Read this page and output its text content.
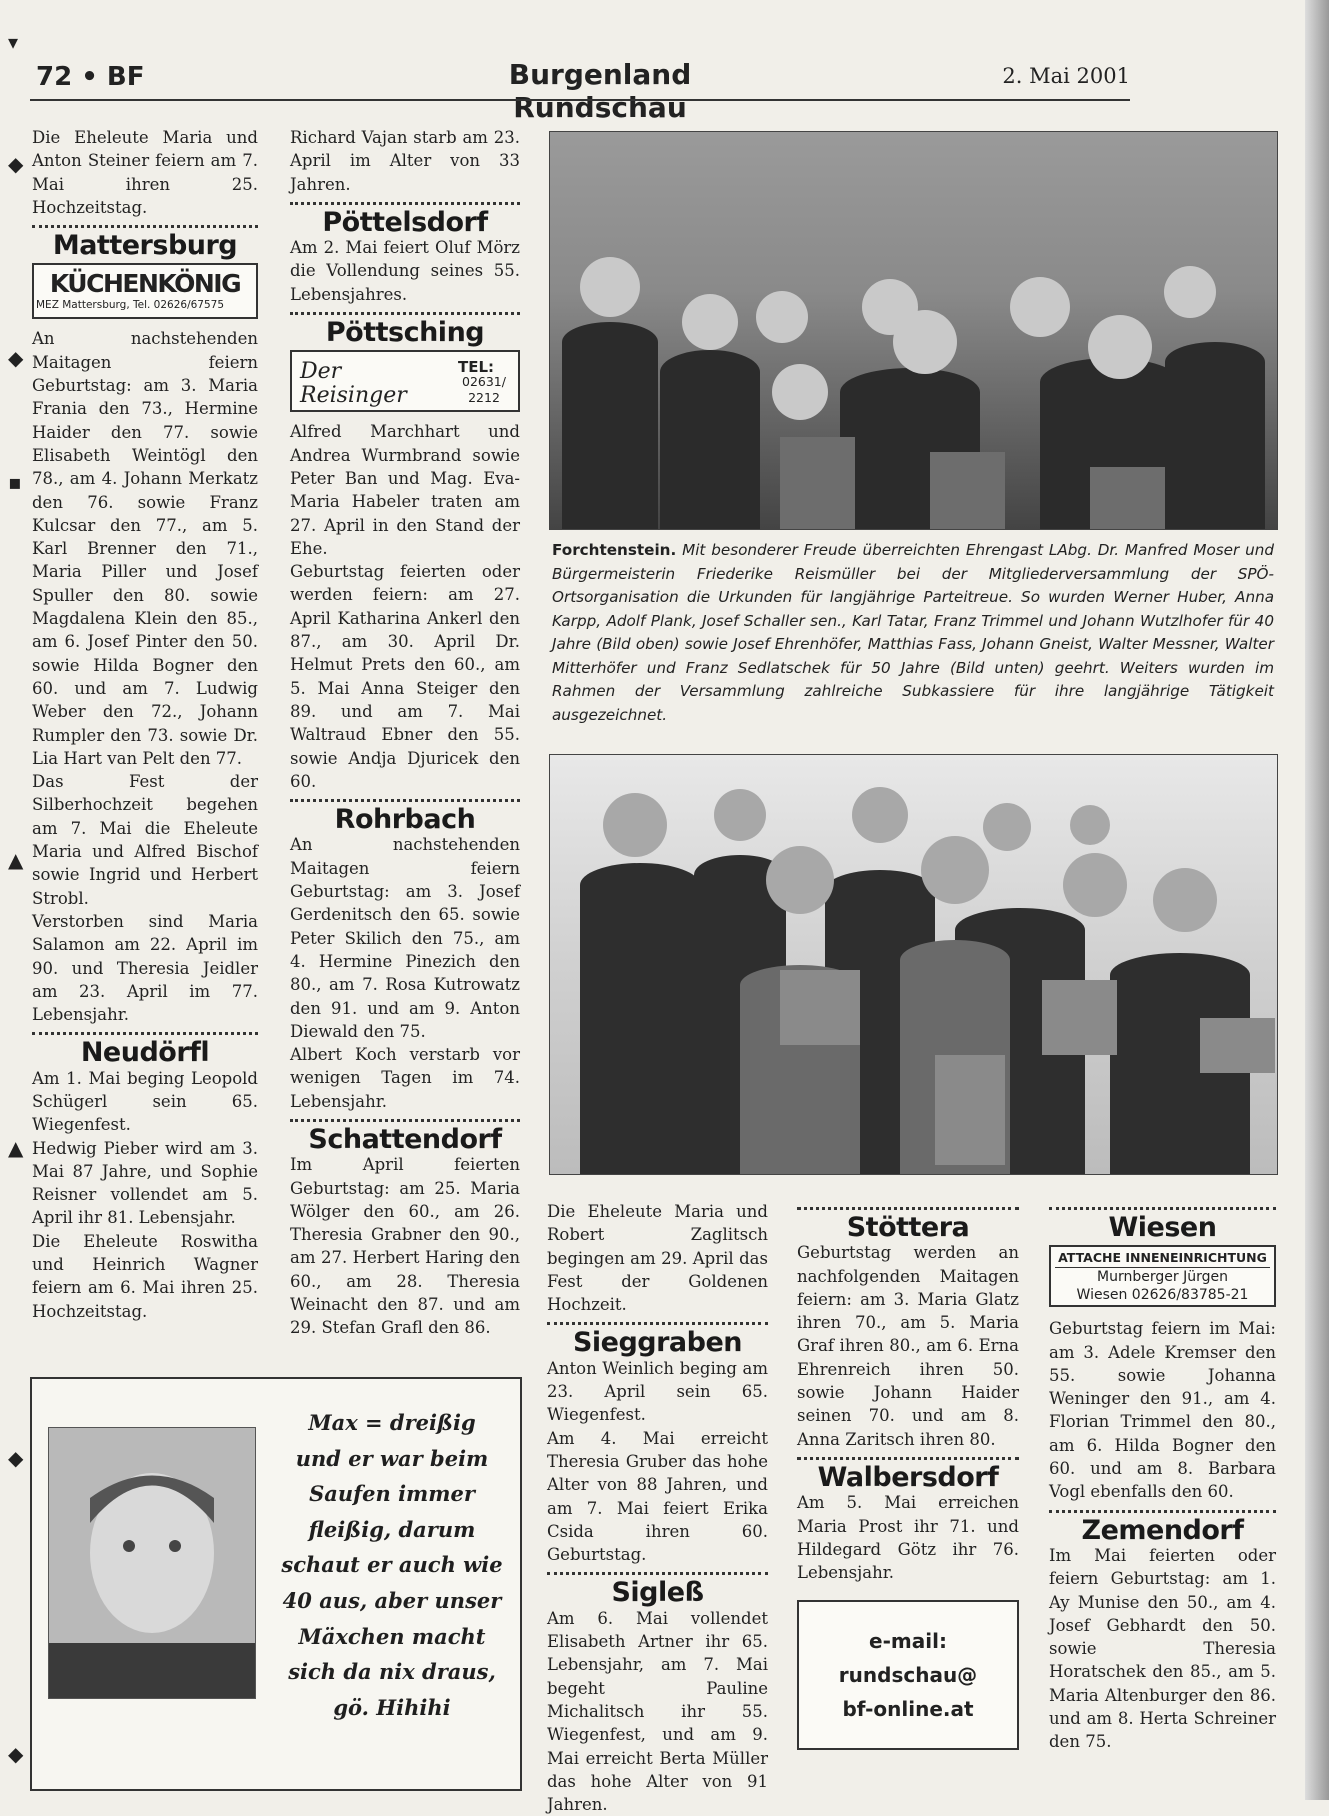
72 • BF	Burgenland Rundschau
2. Mai 2001
▾
◆
◆
▪
▲
▲
◆
◆

Die Eheleute Maria und Anton Steiner feiern am 7. Mai ihren 25. Hochzeitstag.

Mattersburg
KÜCHENKÖNIG
MEZ Mattersburg, Tel. 02626/67575

An nachstehenden Maitagen feiern Geburtstag: am 3. Maria Frania den 73., Hermine Haider den 77. sowie Elisabeth Weintögl den 78., am 4. Johann Merkatz den 76. sowie Franz Kulcsar den 77., am 5. Karl Brenner den 71., Maria Piller und Josef Spuller den 80. sowie Magdalena Klein den 85., am 6. Josef Pinter den 50. sowie Hilda Bogner den 60. und am 7. Ludwig Weber den 72., Johann Rumpler den 73. sowie Dr. Lia Hart van Pelt den 77.

Das Fest der Silberhochzeit begehen am 7. Mai die Eheleute Maria und Alfred Bischof sowie Ingrid und Herbert Strobl.

Verstorben sind Maria Salamon am 22. April im 90. und Theresia Jeidler am 23. April im 77. Lebensjahr.

Neudörfl

Am 1. Mai beging Leopold Schügerl sein 65. Wiegenfest.

Hedwig Pieber wird am 3. Mai 87 Jahre, und Sophie Reisner vollendet am 5. April ihr 81. Lebensjahr.

Die Eheleute Roswitha und Heinrich Wagner feiern am 6. Mai ihren 25. Hochzeitstag.

Richard Vajan starb am 23. April im Alter von 33 Jahren.

Pöttelsdorf

Am 2. Mai feiert Oluf Mörz die Vollendung seines 55. Lebensjahres.

Pöttsching
Der Reisinger
TEL:
02631/ 2212

Alfred Marchhart und Andrea Wurmbrand sowie Peter Ban und Mag. Eva-Maria Habeler traten am 27. April in den Stand der Ehe.

Geburtstag feierten oder werden feiern: am 27. April Katharina Ankerl den 87., am 30. April Dr. Helmut Prets den 60., am 5. Mai Anna Steiger den 89. und am 7. Mai Waltraud Ebner den 55. sowie Andja Djuricek den 60.

Rohrbach

An nachstehenden Maitagen feiern Geburtstag: am 3. Josef Gerdenitsch den 65. sowie Peter Skilich den 75., am 4. Hermine Pinezich den 80., am 7. Rosa Kutrowatz den 91. und am 9. Anton Diewald den 75.

Albert Koch verstarb vor wenigen Tagen im 74. Lebensjahr.

Schattendorf

Im April feierten Geburtstag: am 25. Maria Wölger den 60., am 26. Theresia Grabner den 90., am 27. Herbert Haring den 60., am 28. Theresia Weinacht den 87. und am 29. Stefan Grafl den 86.

Forchtenstein. Mit besonderer Freude überreichten Ehrengast LAbg. Dr. Manfred Moser und Bürgermeisterin Friederike Reismüller bei der Mitgliederversammlung der SPÖ-Ortsorganisation die Urkunden für langjährige Parteitreue. So wurden Werner Huber, Anna Karpp, Adolf Plank, Josef Schaller sen., Karl Tatar, Franz Trimmel und Johann Wutzlhofer für 40 Jahre (Bild oben) sowie Josef Ehrenhöfer, Matthias Fass, Johann Gneist, Walter Messner, Walter Mitterhöfer und Franz Sedlatschek für 50 Jahre (Bild unten) geehrt. Weiters wurden im Rahmen der Versammlung zahlreiche Subkassiere für ihre langjährige Tätigkeit ausgezeichnet.
Max = dreißig
und er war beim
Saufen immer
fleißig, darum
schaut er auch wie
40 aus, aber unser
Mäxchen macht
sich da nix draus,
gö. Hihihi

Die Eheleute Maria und Robert Zaglitsch begingen am 29. April das Fest der Goldenen Hochzeit.

Sieggraben

Anton Weinlich beging am 23. April sein 65. Wiegenfest.

Am 4. Mai erreicht Theresia Gruber das hohe Alter von 88 Jahren, und am 7. Mai feiert Erika Csida ihren 60. Geburtstag.

Sigleß

Am 6. Mai vollendet Elisabeth Artner ihr 65. Lebensjahr, am 7. Mai begeht Pauline Michalitsch ihr 55. Wiegenfest, und am 9. Mai erreicht Berta Müller das hohe Alter von 91 Jahren.

Stöttera

Geburtstag werden an nachfolgenden Maitagen feiern: am 3. Maria Glatz ihren 70., am 5. Maria Graf ihren 80., am 6. Erna Ehrenreich ihren 50. sowie Johann Haider seinen 70. und am 8. Anna Zaritsch ihren 80.

Walbersdorf

Am 5. Mai erreichen Maria Prost ihr 71. und Hildegard Götz ihr 76. Lebensjahr.

e-mail:
rundschau@bf-online.at
Wiesen
ATTACHE INNENEINRICHTUNG
Murnberger Jürgen
Wiesen 02626/83785-21

Geburtstag feiern im Mai: am 3. Adele Kremser den 55. sowie Johanna Weninger den 91., am 4. Florian Trimmel den 80., am 6. Hilda Bogner den 60. und am 8. Barbara Vogl ebenfalls den 60.

Zemendorf

Im Mai feierten oder feiern Geburtstag: am 1. Ay Munise den 50., am 4. Josef Gebhardt den 50. sowie Theresia Horatschek den 85., am 5. Maria Altenburger den 86. und am 8. Herta Schreiner den 75.
